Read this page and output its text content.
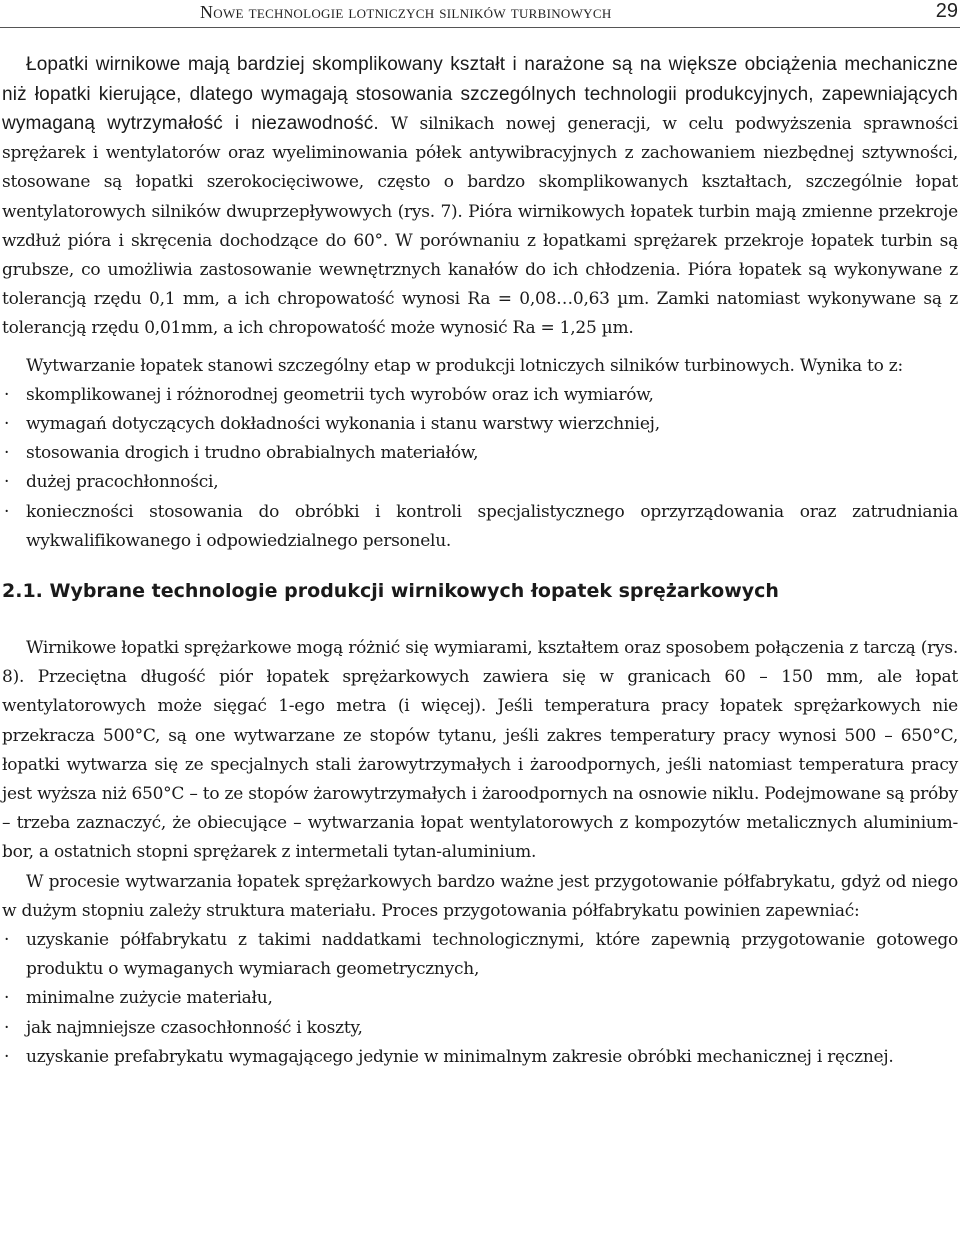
Nowe technologie lotniczych silników turbinowych	29

Łopatki wirnikowe mają bardziej skomplikowany kształt i narażone są na większe obciążenia mechaniczne niż łopatki kierujące, dlatego wymagają stosowania szczególnych technologii produkcyjnych, zapewniających wymaganą wytrzymałość i niezawodność. W silnikach nowej generacji, w celu podwyższenia sprawności sprężarek i wentylatorów oraz wyeliminowania półek antywibracyjnych z zachowaniem niezbędnej sztywności, stosowane są łopatki szerokocięciwowe, często o bardzo skomplikowanych kształtach, szczególnie łopat wentylatorowych silników dwuprzepływowych (rys. 7). Pióra wirnikowych łopatek turbin mają zmienne przekroje wzdłuż pióra i skręcenia dochodzące do 60°. W porównaniu z łopatkami sprężarek przekroje łopatek turbin są grubsze, co umożliwia zastosowanie wewnętrznych kanałów do ich chłodzenia. Pióra łopatek są wykonywane z tolerancją rzędu 0,1 mm, a ich chropowatość wynosi Ra = 0,08…0,63 µm. Zamki natomiast wykonywane są z tolerancją rzędu 0,01mm, a ich chropowatość może wynosić Ra = 1,25 µm.

Wytwarzanie łopatek stanowi szczególny etap w produkcji lotniczych silników turbinowych. Wynika to z:

· skomplikowanej i różnorodnej geometrii tych wyrobów oraz ich wymiarów,
· wymagań dotyczących dokładności wykonania i stanu warstwy wierzchniej,
· stosowania drogich i trudno obrabialnych materiałów,
· dużej pracochłonności,
· konieczności stosowania do obróbki i kontroli specjalistycznego oprzyrządowania oraz zatrudniania wykwalifikowanego i odpowiedzialnego personelu.
2.1. Wybrane technologie produkcji wirnikowych łopatek sprężarkowych

Wirnikowe łopatki sprężarkowe mogą różnić się wymiarami, kształtem oraz sposobem połączenia z tarczą (rys. 8). Przeciętna długość piór łopatek sprężarkowych zawiera się w granicach 60 – 150 mm, ale łopat wentylatorowych może sięgać 1-ego metra (i więcej). Jeśli temperatura pracy łopatek sprężarkowych nie przekracza 500°C, są one wytwarzane ze stopów tytanu, jeśli zakres temperatury pracy wynosi 500 – 650°C, łopatki wytwarza się ze specjalnych stali żarowytrzymałych i żaroodpornych, jeśli natomiast temperatura pracy jest wyższa niż 650°C – to ze stopów żarowytrzymałych i żaroodpornych na osnowie niklu. Podejmowane są próby – trzeba zaznaczyć, że obiecujące – wytwarzania łopat wentylatorowych z kompozytów metalicznych aluminium-bor, a ostatnich stopni sprężarek z intermetali tytan-aluminium.

W procesie wytwarzania łopatek sprężarkowych bardzo ważne jest przygotowanie półfabrykatu, gdyż od niego w dużym stopniu zależy struktura materiału. Proces przygotowania półfabrykatu powinien zapewniać:

· uzyskanie półfabrykatu z takimi naddatkami technologicznymi, które zapewnią przygotowanie gotowego produktu o wymaganych wymiarach geometrycznych,
· minimalne zużycie materiału,
· jak najmniejsze czasochłonność i koszty,
· uzyskanie prefabrykatu wymagającego jedynie w minimalnym zakresie obróbki mechanicznej i ręcznej.
